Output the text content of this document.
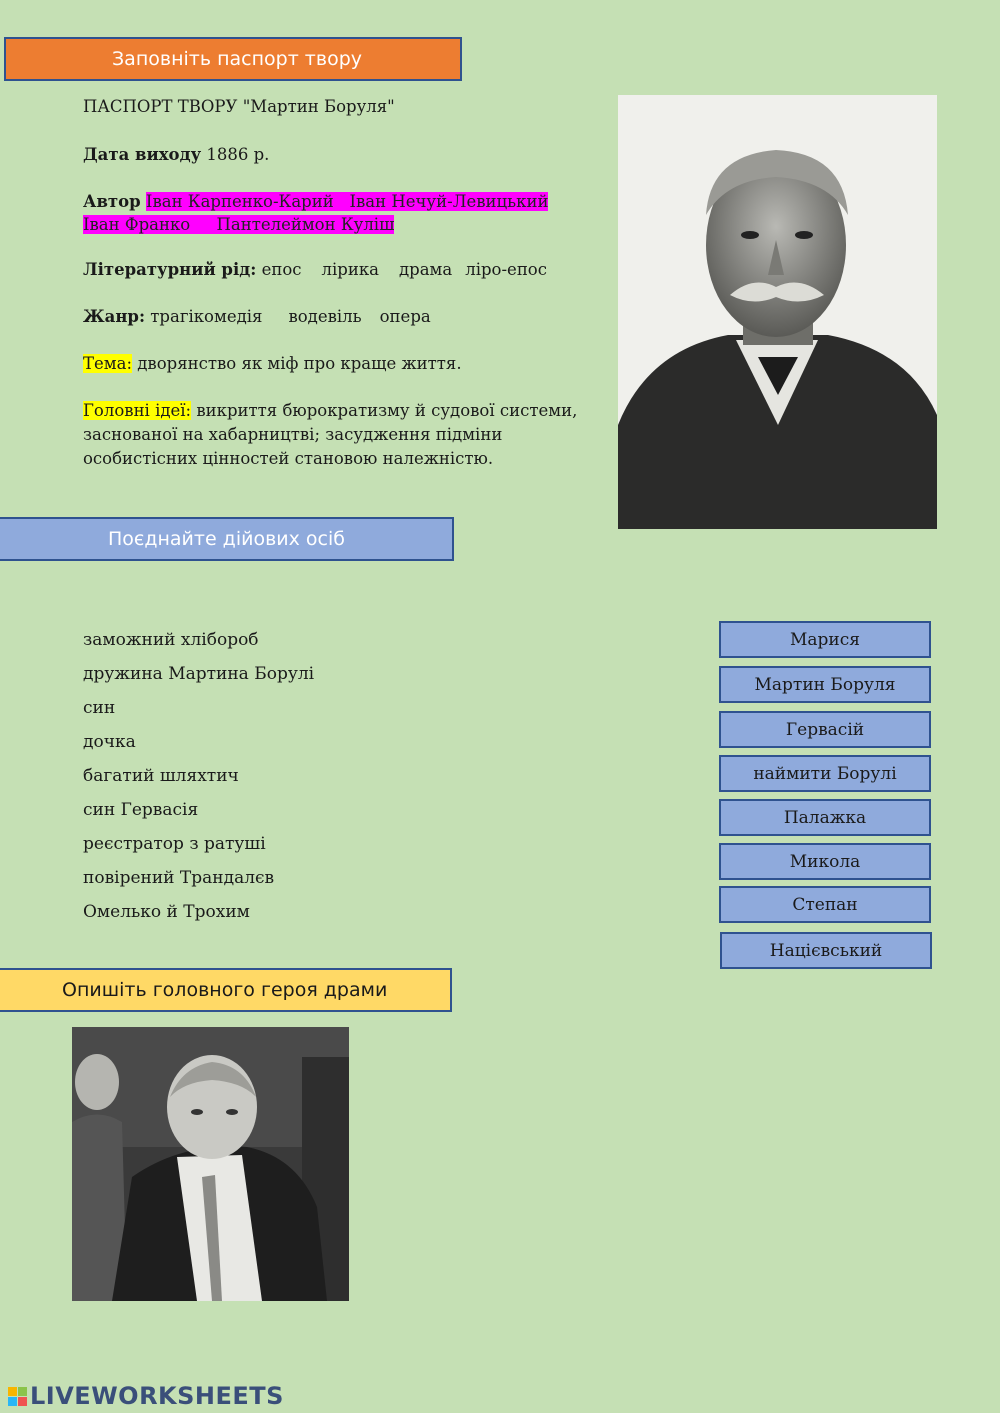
Заповніть паспорт твору
ПАСПОРТ ТВОРУ "Мартин Боруля"
Дата виходу 1886 р.
Автор Іван Карпенко-Карий Іван Нечуй-Левицький
Іван Франко Пантелеймон Куліш
Літературний рід: епос лірика драма ліро-епос
Жанр: трагікомедія водевіль опера
Тема: дворянство як міф про краще життя.
Головні ідеї: викриття бюрократизму й судової системи,
заснованої на хабарництві; засудження підміни
особистісних цінностей становою належністю.
Поєднайте дійових осіб
заможний хлібороб
дружина Мартина Борулі
син
дочка
багатий шляхтич
син Гервасія
реєстратор з ратуші
повірений Трандалєв
Омелько й Трохим
Марися
Мартин Боруля
Гервасій
наймити Борулі
Палажка
Микола
Степан
Націєвський
Опишіть головного героя драми
LIVEWORKSHEETS
